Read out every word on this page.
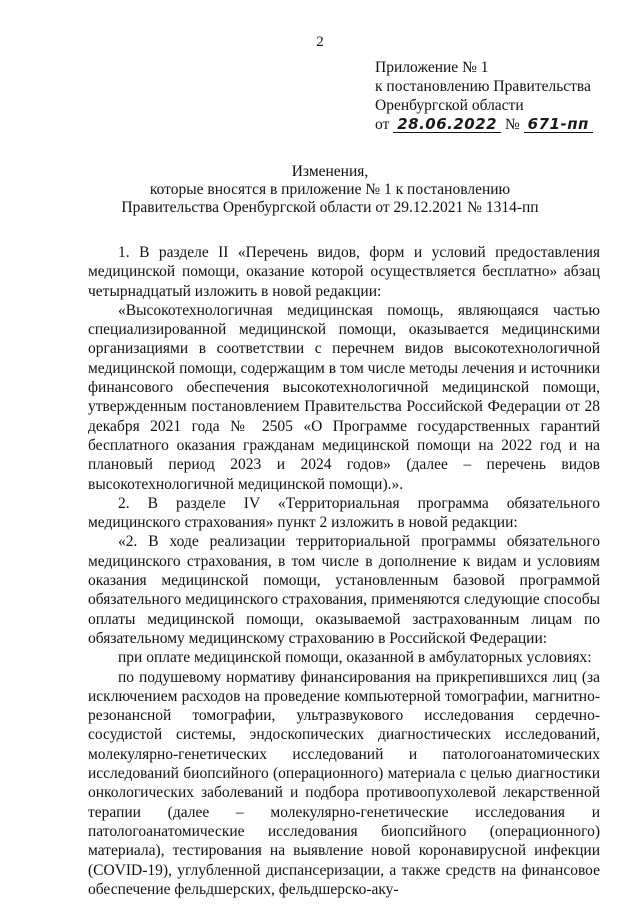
2
Приложение № 1
к постановлению Правительства
Оренбургской области
от 28.06.2022 № 671-пп
Изменения,
которые вносятся в приложение № 1 к постановлению
Правительства Оренбургской области от 29.12.2021 № 1314-пп

1. В разделе II «Перечень видов, форм и условий предоставления медицинской помощи, оказание которой осуществляется бесплатно» абзац четырнадцатый изложить в новой редакции:

«Высокотехнологичная медицинская помощь, являющаяся частью специализированной медицинской помощи, оказывается медицинскими организациями в соответствии с перечнем видов высокотехнологичной медицинской помощи, содержащим в том числе методы лечения и источники финансового обеспечения высокотехнологичной медицинской помощи, утвержденным постановлением Правительства Российской Федерации от 28 декабря 2021 года № 2505 «О Программе государственных гарантий бесплатного оказания гражданам медицинской помощи на 2022 год и на плановый период 2023 и 2024 годов» (далее – перечень видов высокотехнологичной медицинской помощи).».

2. В разделе IV «Территориальная программа обязательного медицинского страхования» пункт 2 изложить в новой редакции:

«2. В ходе реализации территориальной программы обязательного медицинского страхования, в том числе в дополнение к видам и условиям оказания медицинской помощи, установленным базовой программой обязательного медицинского страхования, применяются следующие способы оплаты медицинской помощи, оказываемой застрахованным лицам по обязательному медицинскому страхованию в Российской Федерации:

при оплате медицинской помощи, оказанной в амбулаторных условиях:

по подушевому нормативу финансирования на прикрепившихся лиц (за исключением расходов на проведение компьютерной томографии, магнитно-резонансной томографии, ультразвукового исследования сердечно-сосудистой системы, эндоскопических диагностических исследований, молекулярно-генетических исследований и патологоанатомических исследований биопсийного (операционного) материала с целью диагностики онкологических заболеваний и подбора противоопухолевой лекарственной терапии (далее – молекулярно-генетические исследования и патологоанатомические исследования биопсийного (операционного) материала), тестирования на выявление новой коронавирусной инфекции (COVID-19), углубленной диспансеризации, а также средств на финансовое обеспечение фельдшерских, фельдшерско-аку-
